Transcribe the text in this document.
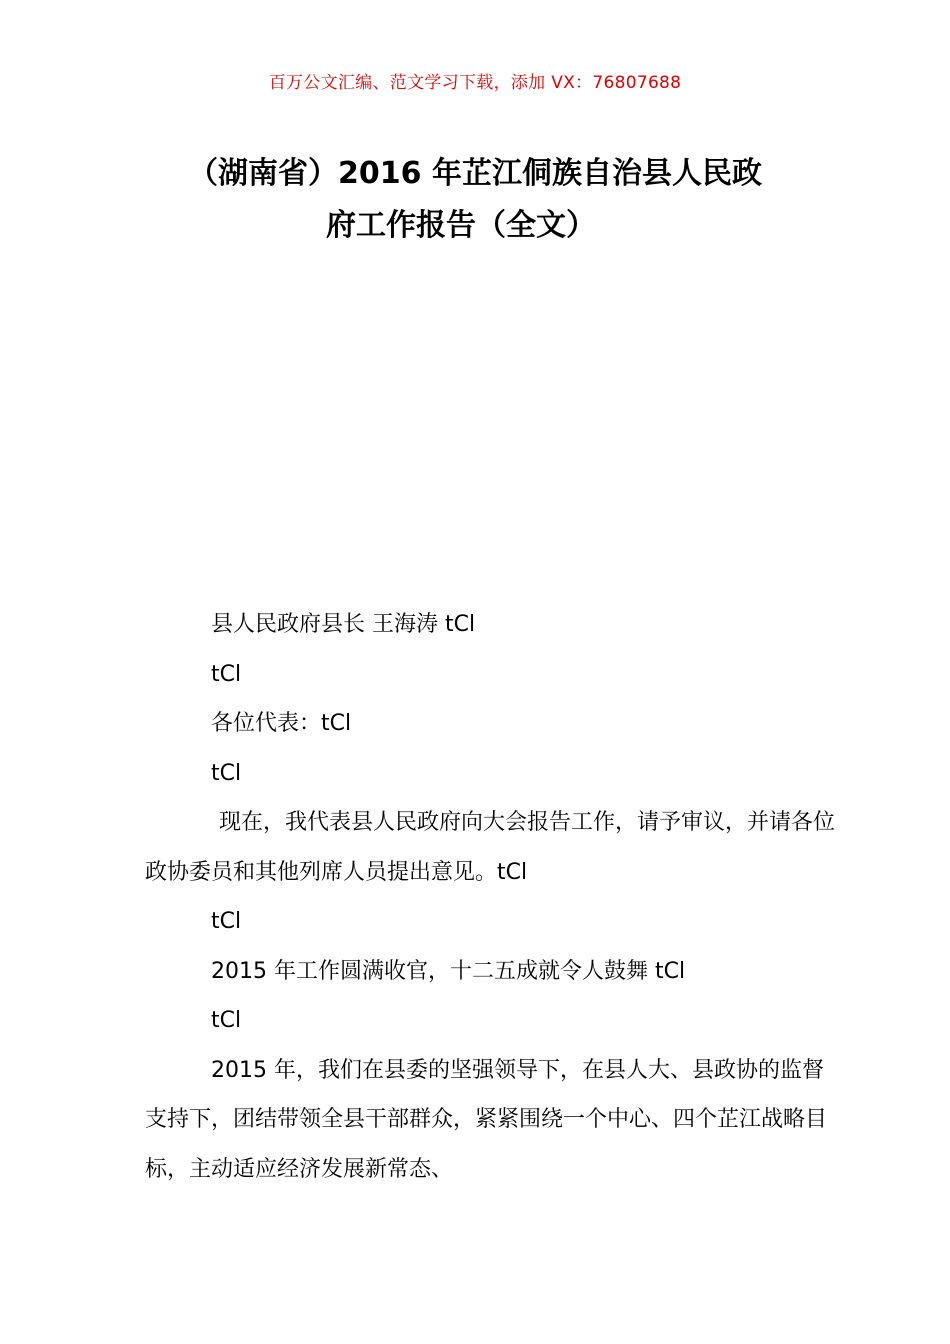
百万公文汇编、范文学习下载，添加 VX：76807688
（湖南省）2016 年芷江侗族自治县人民政
府工作报告（全文）

县人民政府县长 王海涛 tCl

tCl

各位代表：tCl

tCl

现在，我代表县人民政府向大会报告工作，请予审议，并请各位政协委员和其他列席人员提出意见。tCl

tCl

2015 年工作圆满收官，十二五成就令人鼓舞 tCl

tCl

2015 年，我们在县委的坚强领导下，在县人大、县政协的监督支持下，团结带领全县干部群众，紧紧围绕一个中心、四个芷江战略目标，主动适应经济发展新常态、
